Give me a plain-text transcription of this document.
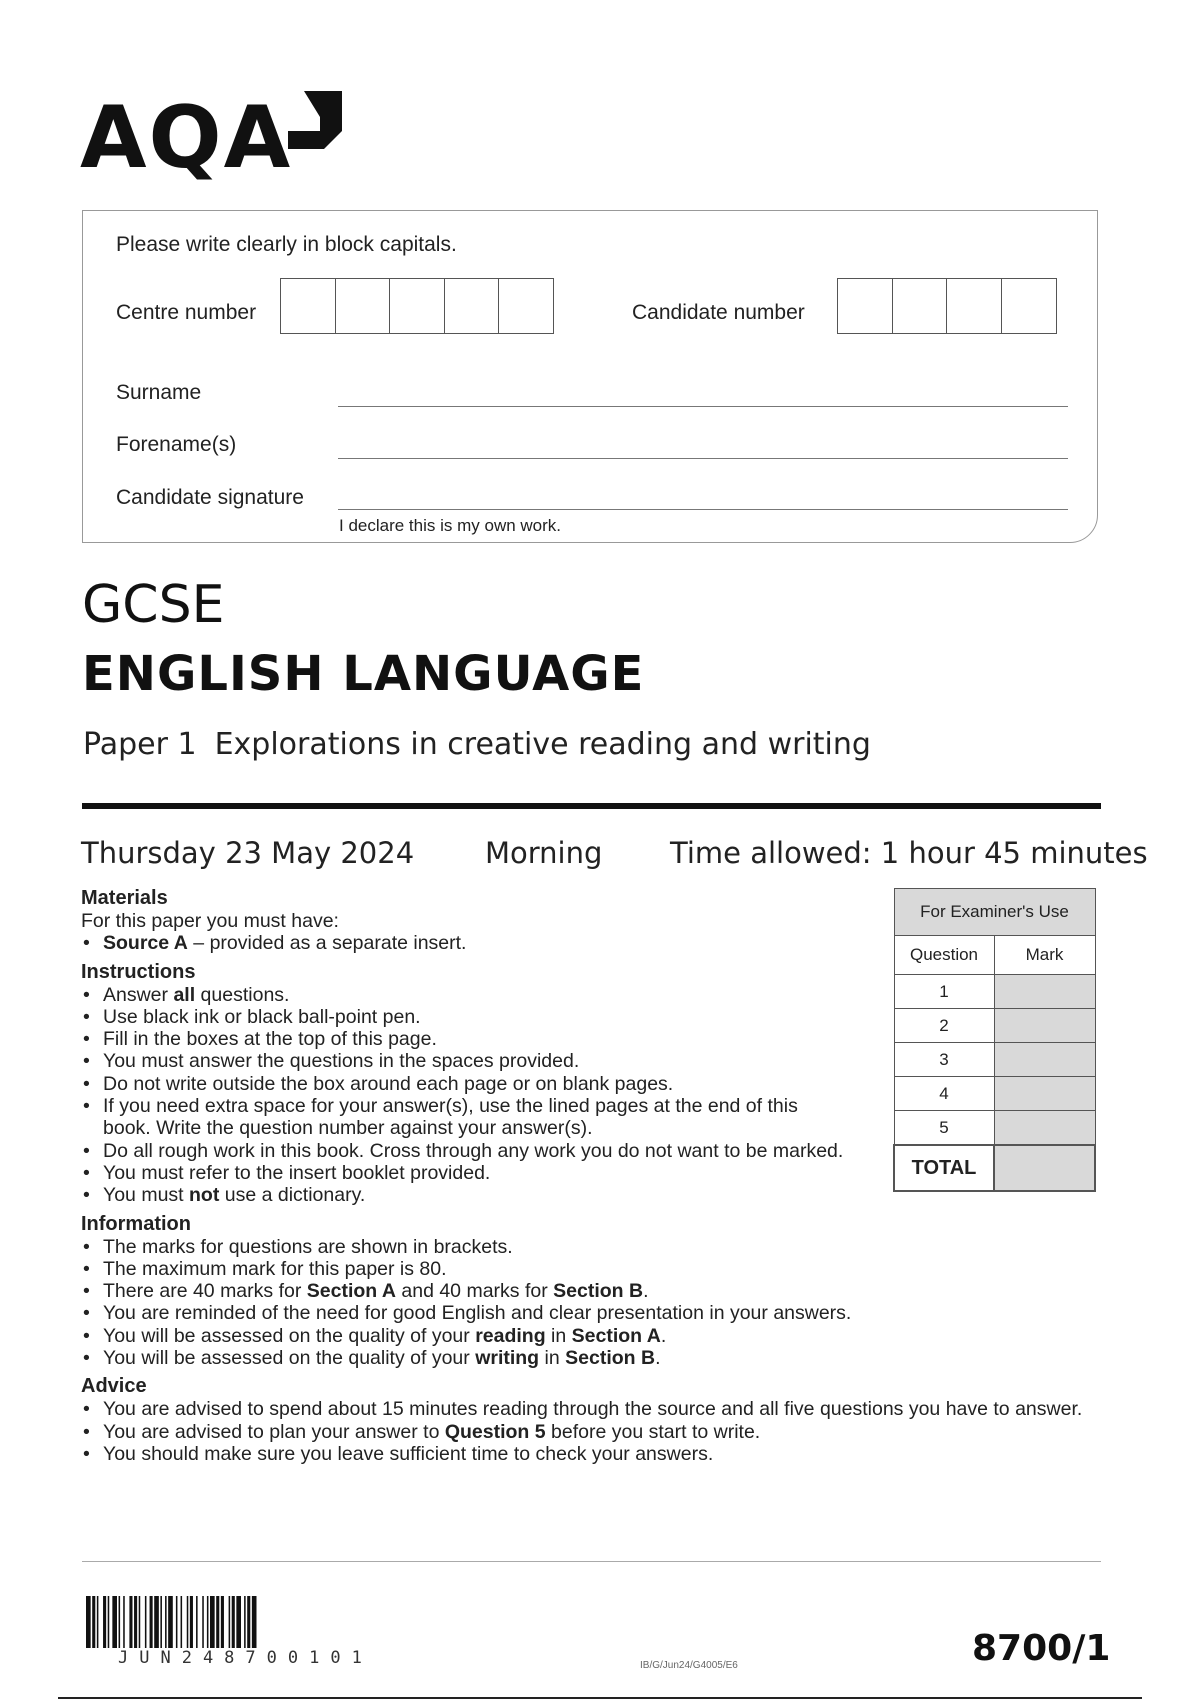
AQA
Please write clearly in block capitals.
Centre number	Candidate number
Surname
Forename(s)
Candidate signature
I declare this is my own work.
GCSE
ENGLISH LANGUAGE
Paper 1 Explorations in creative reading and writing
Thursday 23 May 2024 Morning Time allowed: 1 hour 45 minutes
Materials

For this paper you must have:

• Source A – provided as a separate insert.
Instructions
• Answer all questions.
• Use black ink or black ball-point pen.
• Fill in the boxes at the top of this page.
• You must answer the questions in the spaces provided.
• Do not write outside the box around each page or on blank pages.
• If you need extra space for your answer(s), use the lined pages at the end of this book. Write the question number against your answer(s).
• Do all rough work in this book. Cross through any work you do not want to be marked.
• You must refer to the insert booklet provided.
• You must not use a dictionary.
Information
• The marks for questions are shown in brackets.
• The maximum mark for this paper is 80.
• There are 40 marks for Section A and 40 marks for Section B.
• You are reminded of the need for good English and clear presentation in your answers.
• You will be assessed on the quality of your reading in Section A.
• You will be assessed on the quality of your writing in Section B.
Advice
• You are advised to spend about 15 minutes reading through the source and all five questions you have to answer.
• You are advised to plan your answer to Question 5 before you start to write.
• You should make sure you leave sufficient time to check your answers.
For Examiner's Use	
Question	Mark
1	
2	
3	
4	
5	
TOTAL	
JUN248700101	IB/G/Jun24/G4005/E6	8700/1
